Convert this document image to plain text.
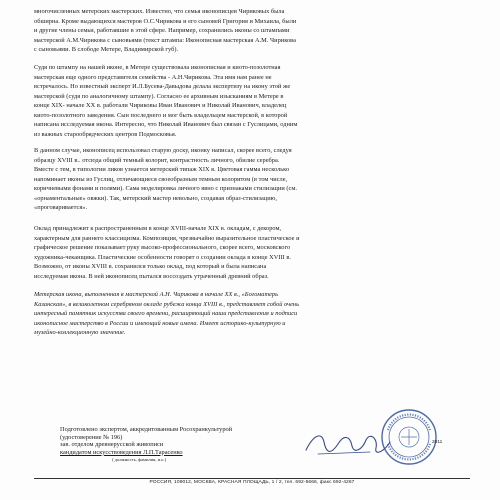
многочисленных метерских мастерских. Известно, что семья иконописцев Чириковых была
обширна. Кроме выдающихся мастеров О.С.Чирикова и его сыновей Григория и Михаила, были
и другие члены семьи, работавшие в этой сфере. Например, сохранились иконы со штампами
мастерской А.М.Чирикова с сыновьями (текст штампа: Иконописная мастерская А.М. Чирикова
с сыновьями. В слободе Метере, Владимирской губ).

Судя по штампу на нашей иконе, в Метере существовала иконописная и киото-позолотная
мастерская еще одного представителя семейства - А.Н.Чирикова. Эта имя нам ранее не
встречалось. Но известный эксперт И.Л.Бусева-Давыдова делала экспертизу на икону этой же
мастерской (судя по аналогичному штампу). Согласно ее архивным изысканиям в Метере в
конце XIX- начале XX в. работали Чириковы Иван Иванович и Николай Иванович, владелец
киото-позолотного заведения. Сын последнего и мог быть владельцем мастерской, в которой
написана исследуемая икона. Интересно, что Николай Иванович был связан с Гуслицами, одним
из важных старообрядческих центров Подмосковья.

В данном случае, иконописец использовал старую доску, иконку написал, скорее всего, следуя
образцу XVIII в.. отсюда общий темный колорит, контрастность личного, обилие серебра.
Вместе с тем, в типологии ликов узнается метерский типаж XIX в. Цветовая гамма несколько
напоминает иконы из Гуслиц, отличающиеся своеобразным темным колоритом (в том числе,
коричневыми фонами и полями). Сама моделировка личного явно с признаками стилизации (см.
«орнаментальные» овжки). Так, метерский мастер невольно, создавая образ-стилизацию,
«проговаривается».

Оклад принадлежит к распространенным в конце XVIII-начале XIX в. окладам, с декором,
характерным для раннего классицизма. Композиция, чрезвычайно выразительное пластическое и
графическое решение показывает руку высоко-профессионального, скорее всего, московского
художника-чеканщика. Пластические особенности говорят о создании оклада в конце XVIII в.
Возможно, от иконы XVIII в. сохранился только оклад, под который и была написана
исследуемая икона. В ней иконописец пытался воссоздать утраченный древний образ.

Метерская икона, выполненная в мастерской А.Н. Чирикова в начале XX в., «Богоматерь
Казанская», в великолепном серебряном окладе рубежа конца XVIII в., представляет собой очень
интересный памятник искусства своего времени, расширяющий наши представления и подписи
иконописное мастерство в России и имеющий новые имена. Имеет историко-культурную и
музейно-коллекционную значение.

Подготовлено экспертом, аккредитованным Росохранкультурой
(удостоверение № 196)
зав. отделом древнерусской живописи
кандидатом искусствоведения Л.П.Тарасенко
( должность, фамилия, и.о.)
2011
РОССИЯ, 109012, МОСКВА, КРАСНАЯ ПЛОЩАДЬ, 1 / 2, тел. 692-5666, факс 692-4267
